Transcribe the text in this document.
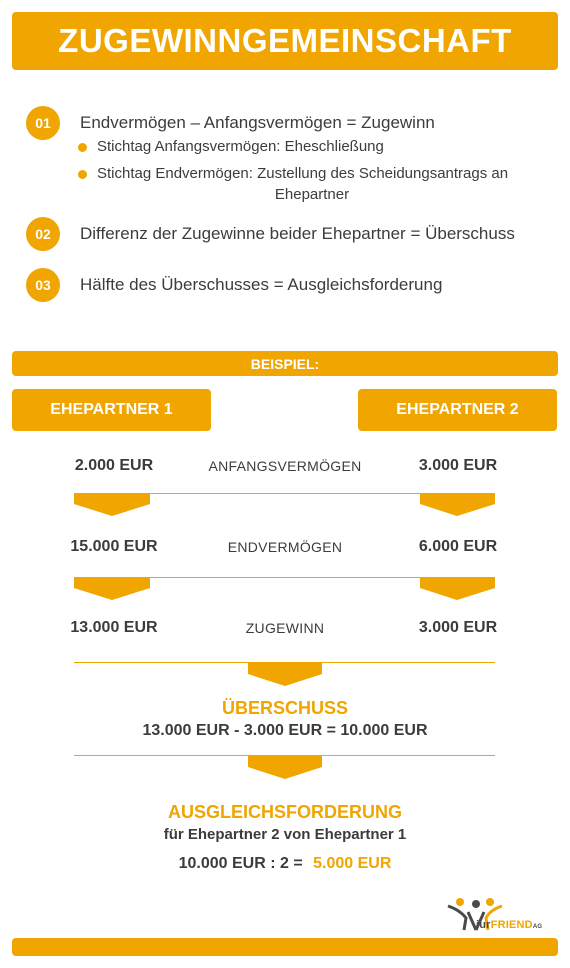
ZUGEWINNGEMEINSCHAFT
01	Endvermögen – Anfangsvermögen = Zugewinn
Stichtag Anfangsvermögen: Eheschließung
Stichtag Endvermögen: Zustellung des Scheidungsantrags an
Ehepartner
02	Differenz der Zugewinne beider Ehepartner = Überschuss
03	Hälfte des Überschusses = Ausgleichsforderung
BEISPIEL:
EHEPARTNER 1	EHEPARTNER 2
2.000 EUR	ANFANGSVERMÖGEN	3.000 EUR
15.000 EUR	ENDVERMÖGEN	6.000 EUR
13.000 EUR	ZUGEWINN	3.000 EUR
ÜBERSCHUSS
13.000 EUR - 3.000 EUR = 10.000 EUR
AUSGLEICHSFORDERUNG
für Ehepartner 2 von Ehepartner 1
10.000 EUR : 2 = 5.000 EUR
iurFRIENDAG
